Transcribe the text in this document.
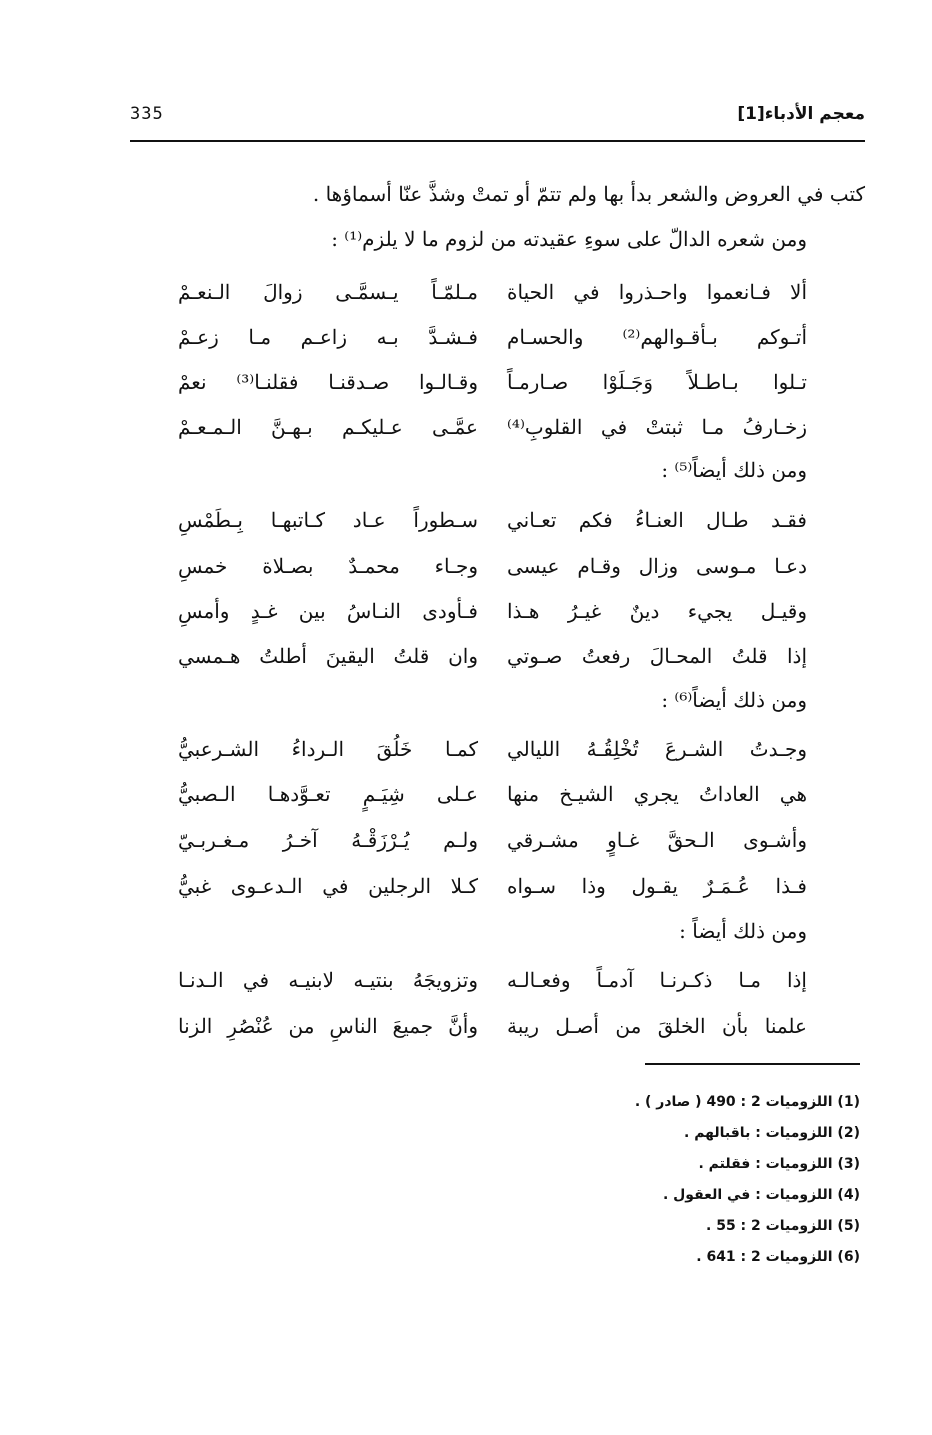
معجم الأدباء[1]
335
كتب في العروض والشعر بدأ بها ولم تتمّ أو تمتْ وشذَّ عنّا أسماؤها .
ومن شعره الدالّ على سوءِ عقيدته من لزوم ما لا يلزم⁽¹⁾ :
ألا فـانعموا واحـذروا في الحياة
مـلمّـاً يـسمَّـى زوالَ الـنعـمْ
أتـوكم بـأقـوالهم⁽²⁾ والحسـام
فـشـدَّ بـه زاعـم مـا زعـمْ
تـلوا بـاطـلاً وَجَـلَوْا صـارمـاً
وقـالـوا صـدقنـا فقلنـا⁽³⁾ نعمْ
زخـارفُ مـا ثبتتْ في القلوبِ⁽⁴⁾
عمَّـى عـليكـم بـهـنَّ الـمـعـمْ
ومن ذلك أيضاً⁽⁵⁾ :
فقـد طـال العنـاءُ فكم تعـاني
سـطوراً عـاد كـاتبهـا بِـطَمْسِ
دعـا مـوسى وزال وقـام عيسى
وجـاء محمـدٌ بصـلاة خمسِ
وقيـل يجيء دينٌ غيـرُ هـذا
فـأودى النـاسُ بين غـدٍ وأمسِ
إذا قلتُ المحـالَ رفعتُ صـوتي
وان قلتُ اليقينَ أطلتُ هـمسي
ومن ذلك أيضاً⁽⁶⁾ :
وجـدتُ الشـرعَ تُخْلِقُـهُ الليالي
كمـا خَلُقَ الـرداءُ الشـرعبيُّ
هي العاداتُ يجري الشيـخ منها
عـلى شِيَـمٍ تعـوَّدهـا الـصبيُّ
وأشـوى الـحقَّ غـاوٍ مشـرقي
ولـم يُـرْزَقْـهُ آخـرُ مـغـربـيّ
فـذا عُـمَـرٌ يقـول وذا سـواه
كـلا الرجلين في الـدعـوى غبيُّ
ومن ذلك أيضاً :
إذا مـا ذكـرنـا آدمـاً وفعـالـه
وتزويجَهُ بنتيـه لابنيـه في الـدنـا
علمنا بأن الخلقَ من أصـل ريبة
وأنَّ جميعَ الناسِ من عُنْصُرِ الزنا
(1) اللزوميات 2 : 490 ( صادر ) .
(2) اللزوميات : باقبالهم .
(3) اللزوميات : فقلتم .
(4) اللزوميات : في العقول .
(5) اللزوميات 2 : 55 .
(6) اللزوميات 2 : 641 .
